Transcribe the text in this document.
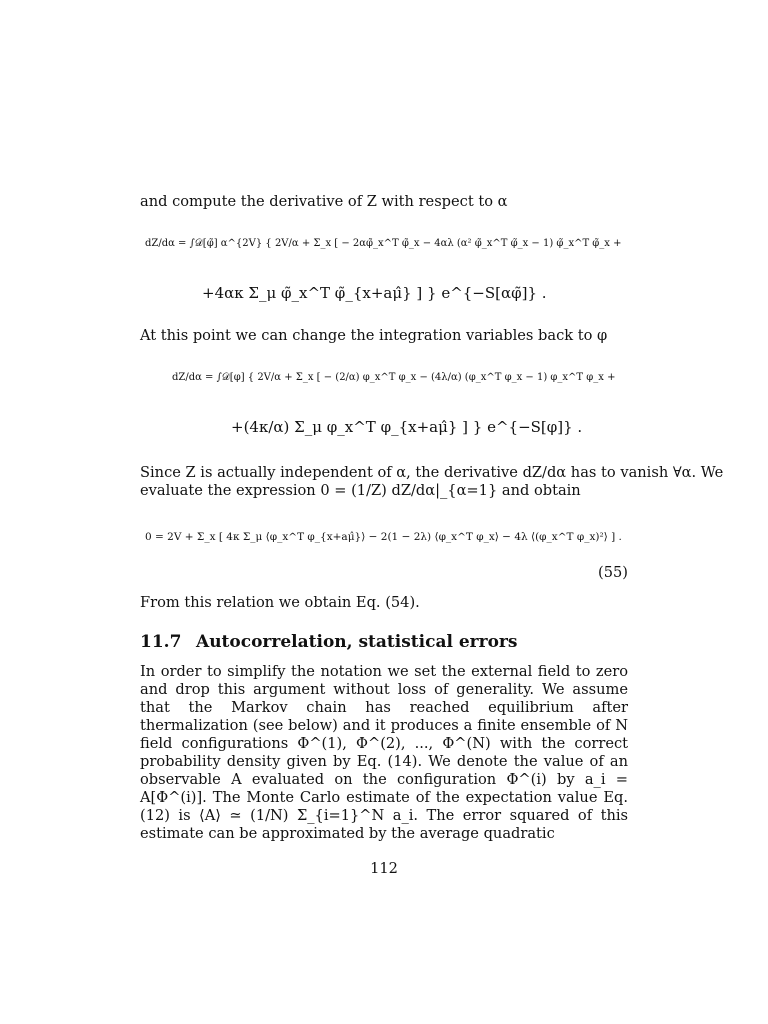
and compute the derivative of Z with respect to α

dZ/dα = ∫𝒟[φ̃] α^{2V} { 2V/α + Σ_x [ − 2αφ̃_x^T φ̃_x − 4αλ (α² φ̃_x^T φ̃_x − 1) φ̃_x^T φ̃_x +
+4ακ Σ_μ φ̃_x^T φ̃_{x+aμ̂} ] } e^{−S[αφ̃]} .

At this point we can change the integration variables back to φ

dZ/dα = ∫𝒟[φ] { 2V/α + Σ_x [ − (2/α) φ_x^T φ_x − (4λ/α) (φ_x^T φ_x − 1) φ_x^T φ_x +
+(4κ/α) Σ_μ φ_x^T φ_{x+aμ̂} ] } e^{−S[φ]} .

Since Z is actually independent of α, the derivative dZ/dα has to vanish ∀α. We

evaluate the expression 0 = (1/Z) dZ/dα|_{α=1} and obtain

0 = 2V + Σ_x [ 4κ Σ_μ ⟨φ_x^T φ_{x+aμ̂}⟩ − 2(1 − 2λ) ⟨φ_x^T φ_x⟩ − 4λ ⟨(φ_x^T φ_x)²⟩ ] .
(55)

From this relation we obtain Eq. (54).

11.7 Autocorrelation, statistical errors

In order to simplify the notation we set the external field to zero and drop this argument without loss of generality. We assume that the Markov chain has reached equilibrium after thermalization (see below) and it produces a finite ensemble of N field configurations Φ^(1), Φ^(2), ..., Φ^(N) with the correct probability density given by Eq. (14). We denote the value of an observable A evaluated on the configuration Φ^(i) by a_i = A[Φ^(i)]. The Monte Carlo estimate of the expectation value Eq. (12) is ⟨A⟩ ≃ (1/N) Σ_{i=1}^N a_i. The error squared of this estimate can be approximated by the average quadratic

112
